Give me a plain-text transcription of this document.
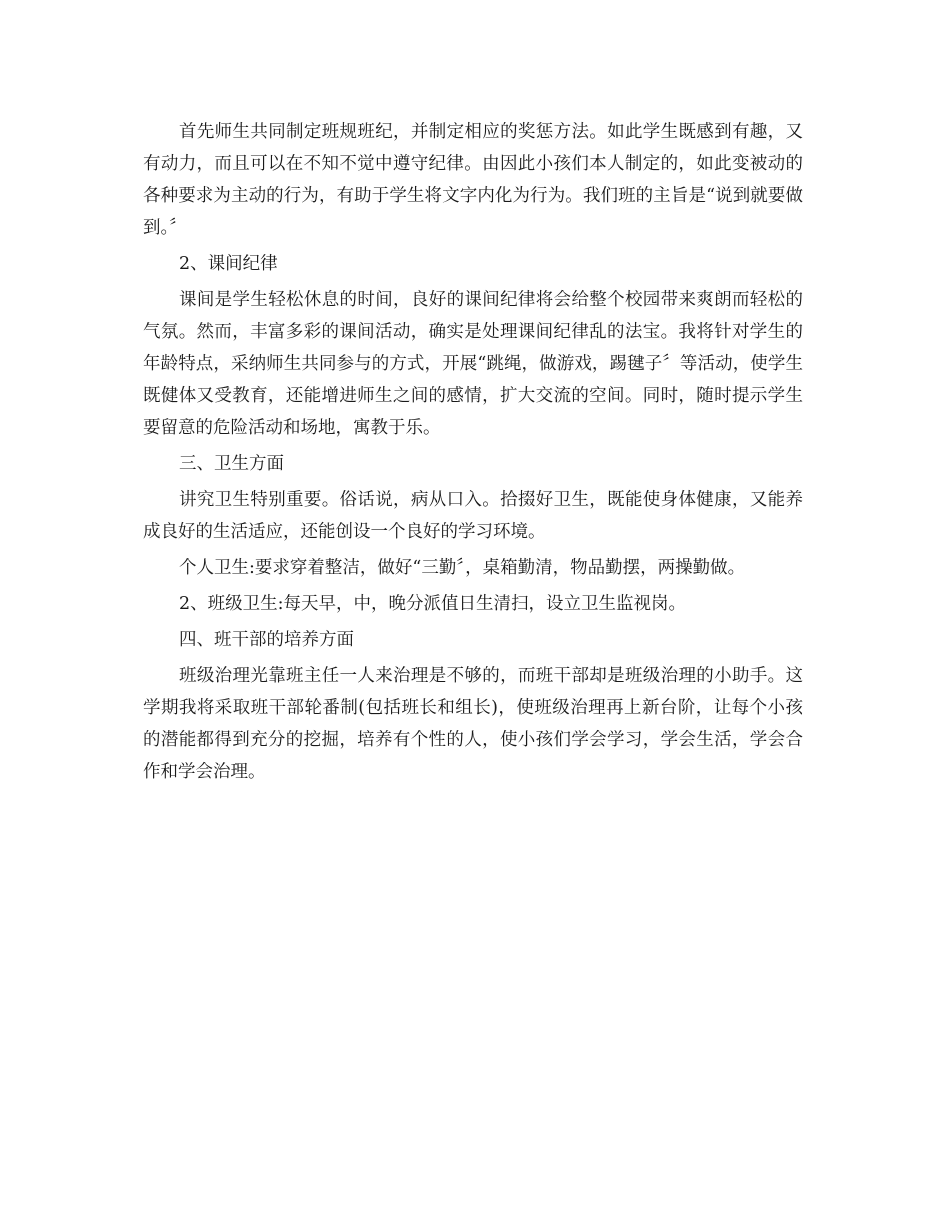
首先师生共同制定班规班纪，并制定相应的奖惩方法。如此学生既感到有趣，又有动力，而且可以在不知不觉中遵守纪律。由因此小孩们本人制定的，如此变被动的各种要求为主动的行为，有助于学生将文字内化为行为。我们班的主旨是“说到就要做到。〞

2、课间纪律

课间是学生轻松休息的时间，良好的课间纪律将会给整个校园带来爽朗而轻松的气氛。然而，丰富多彩的课间活动，确实是处理课间纪律乱的法宝。我将针对学生的年龄特点，采纳师生共同参与的方式，开展“跳绳，做游戏，踢毽子〞等活动，使学生既健体又受教育，还能增进师生之间的感情，扩大交流的空间。同时，随时提示学生要留意的危险活动和场地，寓教于乐。

三、卫生方面

讲究卫生特别重要。俗话说，病从口入。拾掇好卫生，既能使身体健康，又能养成良好的生活适应，还能创设一个良好的学习环境。

个人卫生:要求穿着整洁，做好“三勤〞，桌箱勤清，物品勤摆，两操勤做。

2、班级卫生:每天早，中，晚分派值日生清扫，设立卫生监视岗。

四、班干部的培养方面

班级治理光靠班主任一人来治理是不够的，而班干部却是班级治理的小助手。这学期我将采取班干部轮番制(包括班长和组长)，使班级治理再上新台阶，让每个小孩的潜能都得到充分的挖掘，培养有个性的人，使小孩们学会学习，学会生活，学会合作和学会治理。
